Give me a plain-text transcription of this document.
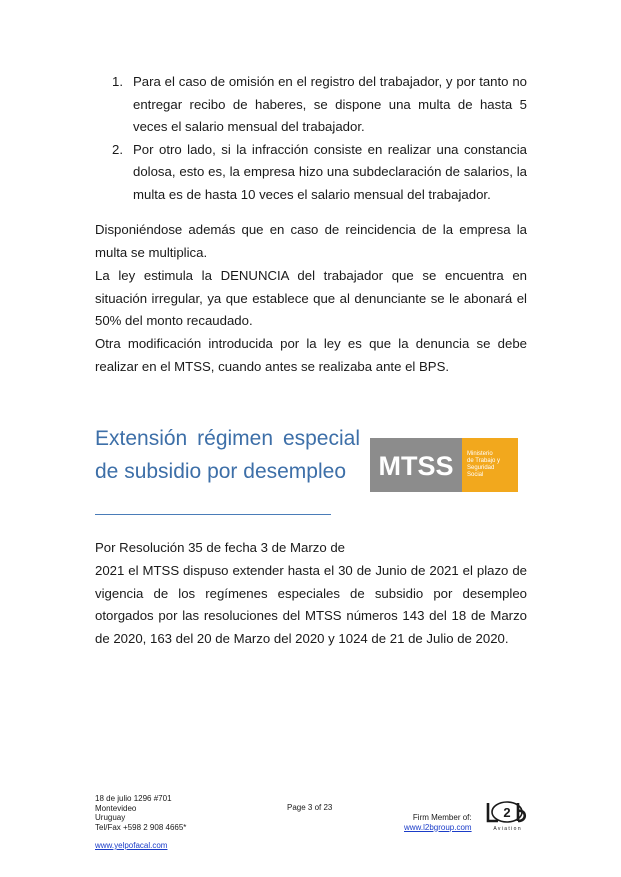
1. Para el caso de omisión en el registro del trabajador, y por tanto no entregar recibo de haberes, se dispone una multa de hasta 5 veces el salario mensual del trabajador.
2. Por otro lado, si la infracción consiste en realizar una constancia dolosa, esto es, la empresa hizo una subdeclaración de salarios, la multa es de hasta 10 veces el salario mensual del trabajador.

Disponiéndose además que en caso de reincidencia de la empresa la multa se multiplica.

La ley estimula la DENUNCIA del trabajador que se encuentra en situación irregular, ya que establece que al denunciante se le abonará el 50% del monto recaudado.

Otra modificación introducida por la ley es que la denuncia se debe realizar en el MTSS, cuando antes se realizaba ante el BPS.

Extensión régimen especial de subsidio por desempleo	MTSS Ministerio
de Trabajo y
Seguridad
Social

Por Resolución 35 de fecha 3 de Marzo de

2021 el MTSS dispuso extender hasta el 30 de Junio de 2021 el plazo de vigencia de los regímenes especiales de subsidio por desempleo otorgados por las resoluciones del MTSS números 143 del 18 de Marzo de 2020, 163 del 20 de Marzo del 2020 y 1024 de 21 de Julio de 2020.

18 de julio 1296 #701
Montevideo
Uruguay
Tel/Fax +598 2 908 4665*
Page 3 of 23
Firm Member of:
www.l2bgroup.com
2
A v i a t i o n
www.yelpofacal.com
